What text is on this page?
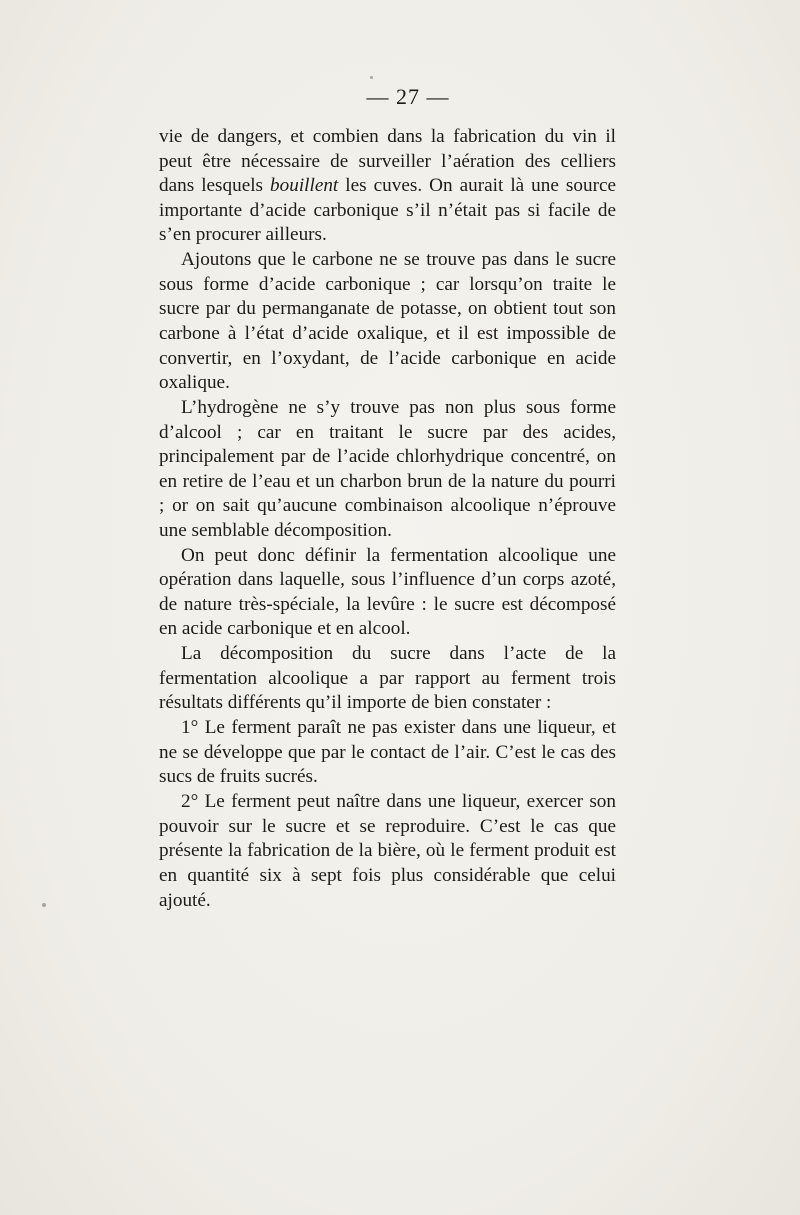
— 27 —

vie de dangers, et combien dans la fabrication du vin il peut être nécessaire de surveiller l’aération des celliers dans lesquels bouillent les cuves. On aurait là une source importante d’acide carbonique s’il n’était pas si facile de s’en procurer ailleurs.

Ajoutons que le carbone ne se trouve pas dans le sucre sous forme d’acide carbonique ; car lorsqu’on traite le sucre par du permanganate de potasse, on obtient tout son carbone à l’état d’acide oxalique, et il est impossible de convertir, en l’oxydant, de l’acide carbonique en acide oxalique.

L’hydrogène ne s’y trouve pas non plus sous forme d’alcool ; car en traitant le sucre par des acides, principalement par de l’acide chlorhydrique concentré, on en retire de l’eau et un charbon brun de la nature du pourri ; or on sait qu’aucune combinaison alcoolique n’éprouve une semblable décomposition.

On peut donc définir la fermentation alcoolique une opération dans laquelle, sous l’influence d’un corps azoté, de nature très-spéciale, la levûre : le sucre est décomposé en acide carbonique et en alcool.

La décomposition du sucre dans l’acte de la fermentation alcoolique a par rapport au ferment trois résultats différents qu’il importe de bien constater :

1° Le ferment paraît ne pas exister dans une liqueur, et ne se développe que par le contact de l’air. C’est le cas des sucs de fruits sucrés.

2° Le ferment peut naître dans une liqueur, exercer son pouvoir sur le sucre et se reproduire. C’est le cas que présente la fabrication de la bière, où le ferment produit est en quantité six à sept fois plus considérable que celui ajouté.
